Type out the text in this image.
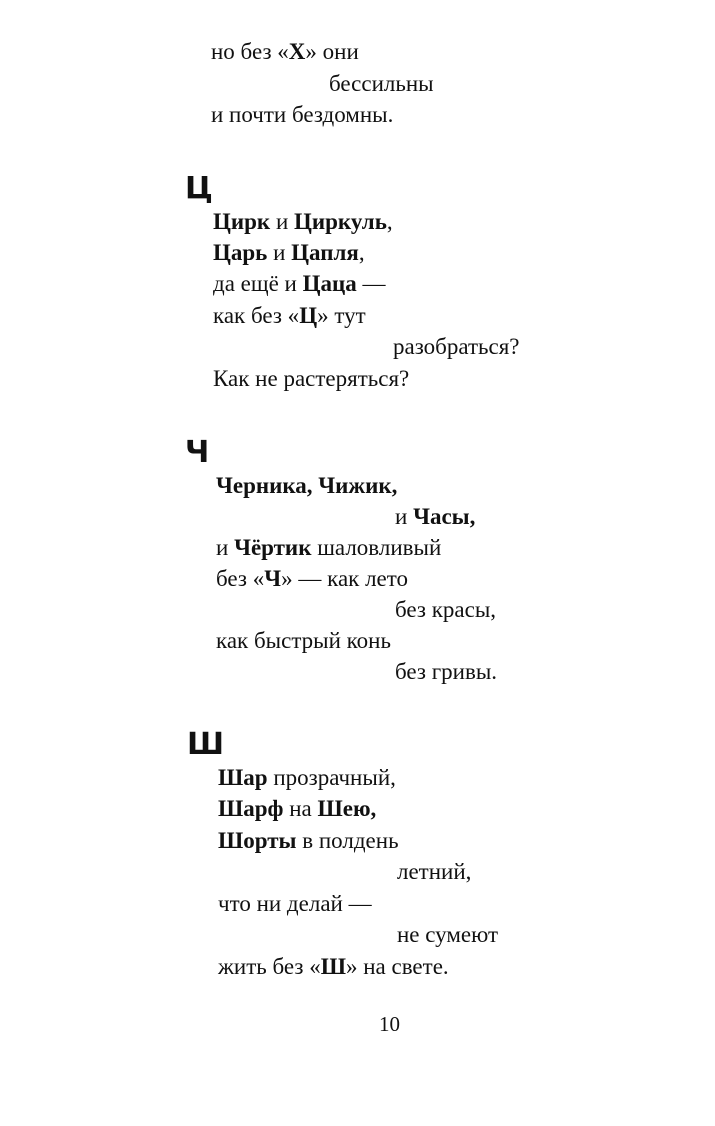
но без «Х» они
бессильны
и почти бездомны.
Ц
Цирк и Циркуль,
Царь и Цапля,
да ещё и Цаца —
как без «Ц» тут
разобраться?
Как не растеряться?
Ч
Черника, Чижик,
и Часы,
и Чёртик шаловливый
без «Ч» — как лето
без красы,
как быстрый конь
без гривы.
Ш
Шар прозрачный,
Шарф на Шею,
Шорты в полдень
летний,
что ни делай —
не сумеют
жить без «Ш» на свете.
10
